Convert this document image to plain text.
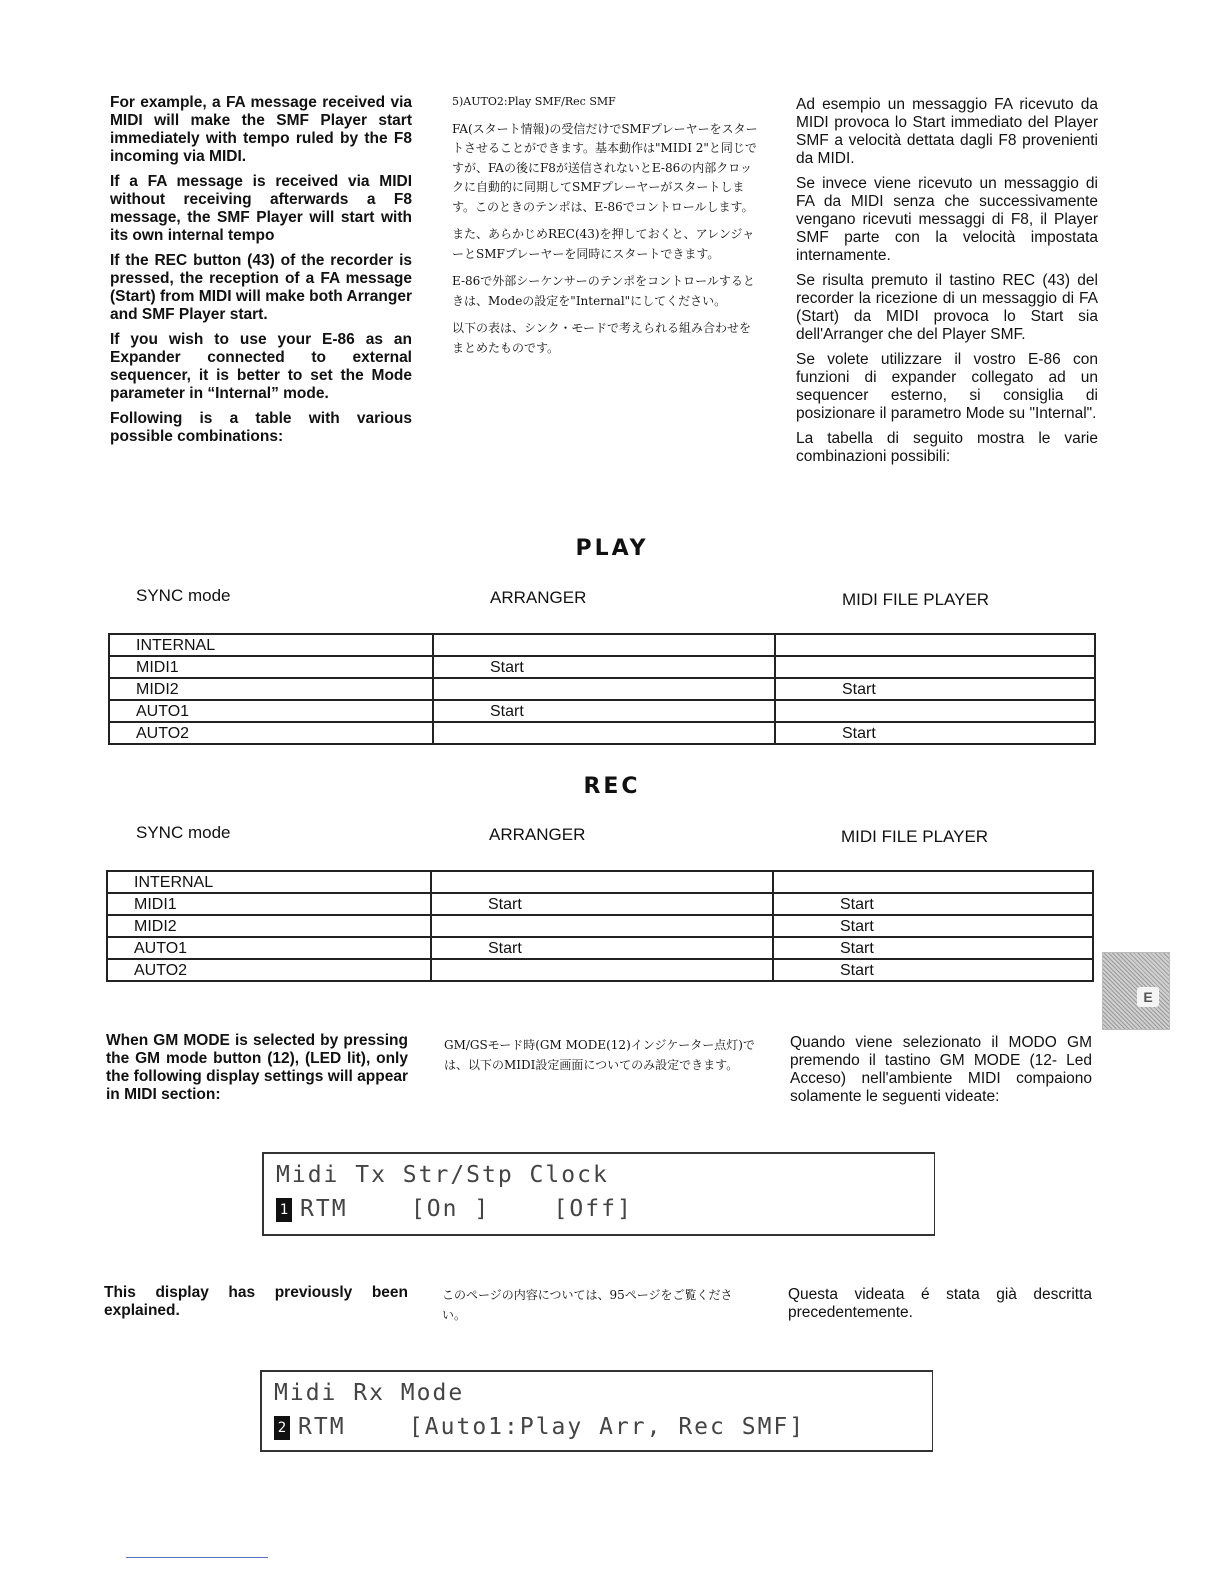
For example, a FA message received via MIDI will make the SMF Player start immediately with tempo ruled by the F8 incoming via MIDI.

If a FA message is received via MIDI without receiving afterwards a F8 message, the SMF Player will start with its own internal tempo

If the REC button (43) of the recorder is pressed, the reception of a FA message (Start) from MIDI will make both Arranger and SMF Player start.

If you wish to use your E-86 as an Expander connected to external sequencer, it is better to set the Mode parameter in “Internal” mode.

Following is a table with various possible combinations:

5)AUTO2:Play SMF/Rec SMF

FA(スタート情報)の受信だけでSMFプレーヤーをスタートさせることができます。基本動作は"MIDI 2"と同じですが、FAの後にF8が送信されないとE-86の内部クロックに自動的に同期してSMFプレーヤーがスタートします。このときのテンポは、E-86でコントロールします。

また、あらかじめREC(43)を押しておくと、アレンジャーとSMFプレーヤーを同時にスタートできます。

E-86で外部シーケンサーのテンポをコントロールするときは、Modeの設定を"Internal"にしてください。

以下の表は、シンク・モードで考えられる組み合わせをまとめたものです。

Ad esempio un messaggio FA ricevuto da MIDI provoca lo Start immediato del Player SMF a velocità dettata dagli F8 provenienti da MIDI.

Se invece viene ricevuto un messaggio di FA da MIDI senza che successivamente vengano ricevuti messaggi di F8, il Player SMF parte con la velocità impostata internamente.

Se risulta premuto il tastino REC (43) del recorder la ricezione di un messaggio di FA (Start) da MIDI provoca lo Start sia dell'Arranger che del Player SMF.

Se volete utilizzare il vostro E-86 con funzioni di expander collegato ad un sequencer esterno, si consiglia di posizionare il parametro Mode su "Internal".

La tabella di seguito mostra le varie combinazioni possibili:

PLAY
SYNC mode	ARRANGER	MIDI FILE PLAYER
INTERNAL		
MIDI1	Start	
MIDI2		Start
AUTO1	Start	
AUTO2		Start
REC
SYNC mode	ARRANGER	MIDI FILE PLAYER
INTERNAL		
MIDI1	Start	Start
MIDI2		Start
AUTO1	Start	Start
AUTO2		Start
E

When GM MODE is selected by pressing the GM mode button (12), (LED lit), only the following display settings will appear in MIDI section:

GM/GSモード時(GM MODE(12)インジケーター点灯)では、以下のMIDI設定画面についてのみ設定できます。

Quando viene selezionato il MODO GM premendo il tastino GM MODE (12- Led Acceso) nell'ambiente MIDI compaiono solamente le seguenti videate:

Midi Tx Str/Stp Clock
1 RTM    [On ]    [Off]

This display has previously been explained.

このページの内容については、95ページをご覧ください。

Questa videata é stata già descritta precedentemente.

Midi Rx Mode
2 RTM    [Auto1:Play Arr, Rec SMF]
